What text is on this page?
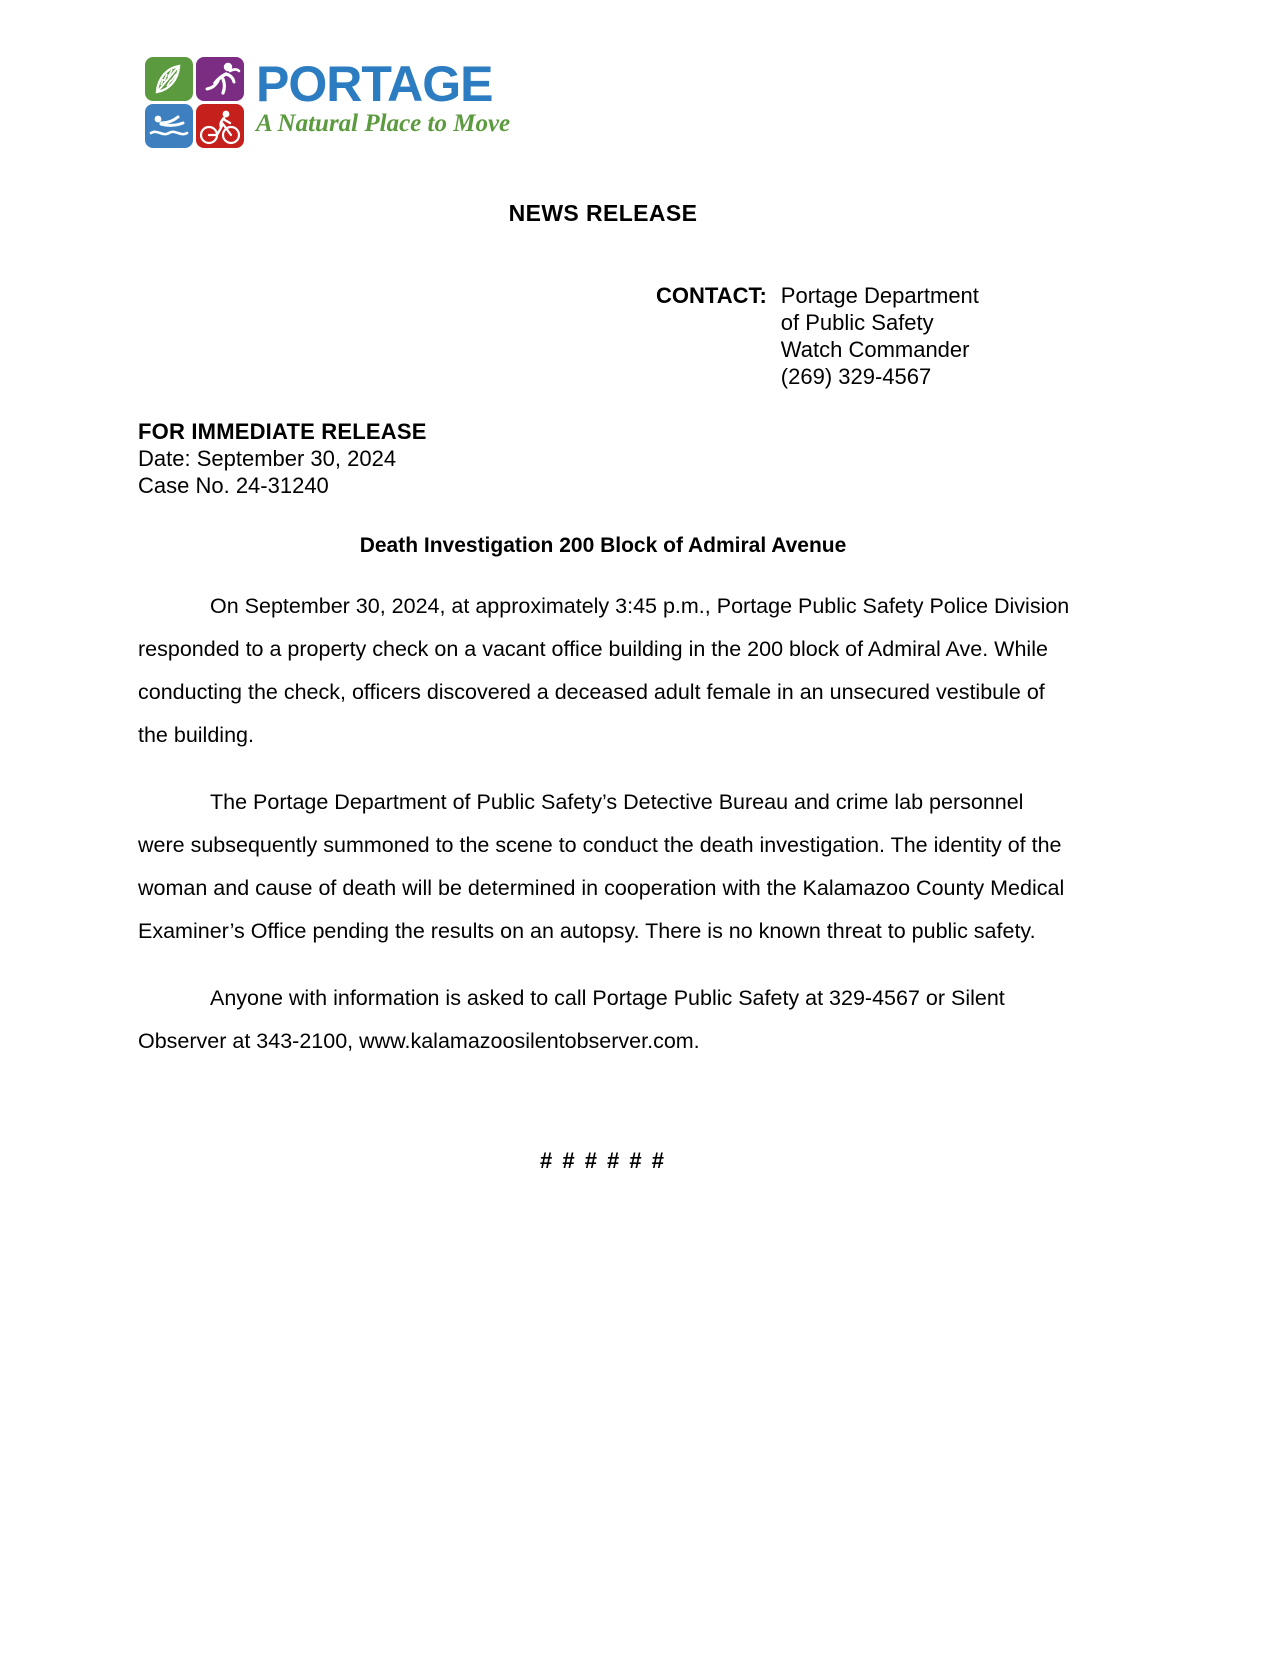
PORTAGE
A Natural Place to Move
NEWS RELEASE
CONTACT: Portage Department
of Public Safety
Watch Commander
(269) 329-4567
FOR IMMEDIATE RELEASE
Date: September 30, 2024
Case No. 24-31240
Death Investigation 200 Block of Admiral Avenue

On September 30, 2024, at approximately 3:45 p.m., Portage Public Safety Police Division responded to a property check on a vacant office building in the 200 block of Admiral Ave. While conducting the check, officers discovered a deceased adult female in an unsecured vestibule of the building.

The Portage Department of Public Safety’s Detective Bureau and crime lab personnel were subsequently summoned to the scene to conduct the death investigation. The identity of the woman and cause of death will be determined in cooperation with the Kalamazoo County Medical Examiner’s Office pending the results on an autopsy. There is no known threat to public safety.

Anyone with information is asked to call Portage Public Safety at 329-4567 or Silent Observer at 343-2100, www.kalamazoosilentobserver.com.

# # # # # #
